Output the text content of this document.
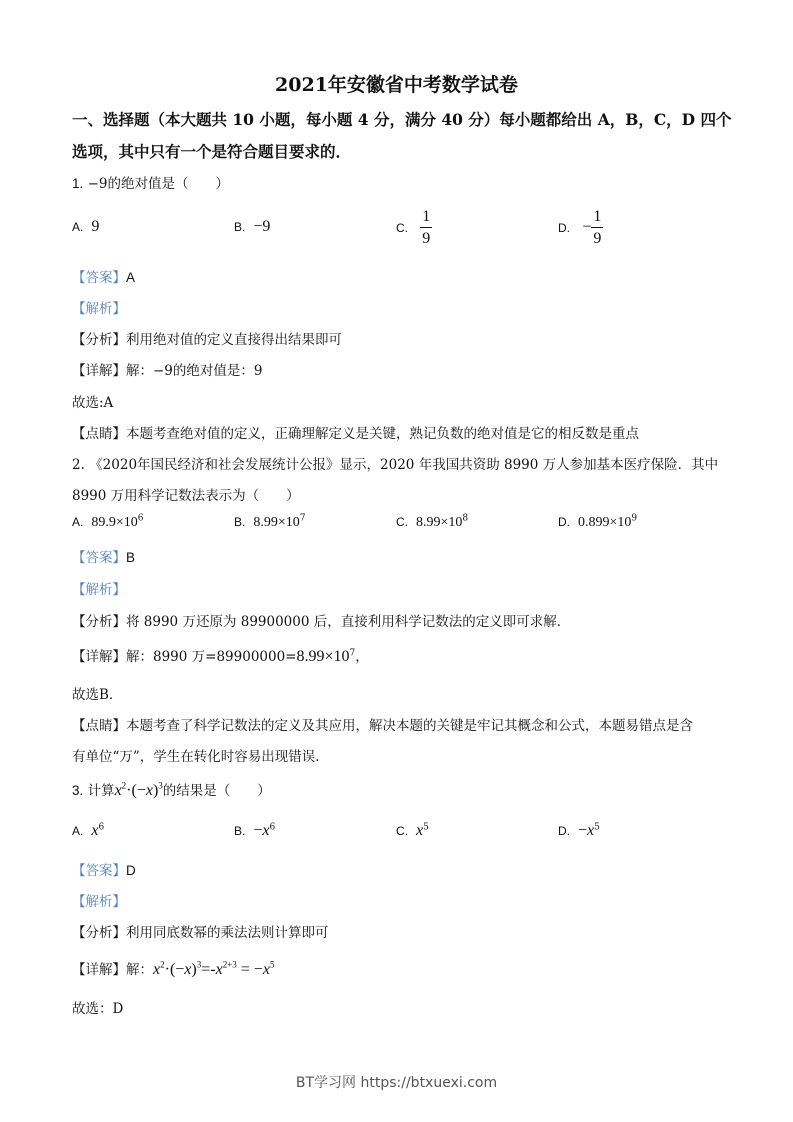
2021年安徽省中考数学试卷
一、选择题（本大题共 10 小题，每小题 4 分，满分 40 分）每小题都给出 A，B，C，D 四个
选项，其中只有一个是符合题目要求的．
1. −9的绝对值是（　　）
A. 9	B. −9	C. $\frac{1}{9}$	D. − $\frac{1}{9}$
【答案】A
【解析】
【分析】利用绝对值的定义直接得出结果即可
【详解】解：−9的绝对值是：9
故选:A
【点睛】本题考查绝对值的定义，正确理解定义是关键，熟记负数的绝对值是它的相反数是重点
2. 《2020年国民经济和社会发展统计公报》显示，2020 年我国共资助 8990 万人参加基本医疗保险．其中
8990 万用科学记数法表示为（　　）
A. $89.9\times 10^6$	B. $8.99\times 10^7$	C. $8.99\times 10^8$	D. $0.899\times 10^9$
【答案】B
【解析】
【分析】将 8990 万还原为 89900000 后，直接利用科学记数法的定义即可求解．
【详解】解：8990 万$=89900000=8.99\times 10^7$，
故选B．
【点睛】本题考查了科学记数法的定义及其应用，解决本题的关键是牢记其概念和公式，本题易错点是含
有单位“万”，学生在转化时容易出现错误．
3. 计算$x^2\cdot(-x)^3$的结果是（　　）
A. $x^6$	B. $-x^6$	C. $x^5$	D. $-x^5$
【答案】D
【解析】
【分析】利用同底数幂的乘法法则计算即可
【详解】解：$x^2\cdot(-x)^3=-x^{2+3} = -x^5$
故选：D
BT学习网 https://btxuexi.com
